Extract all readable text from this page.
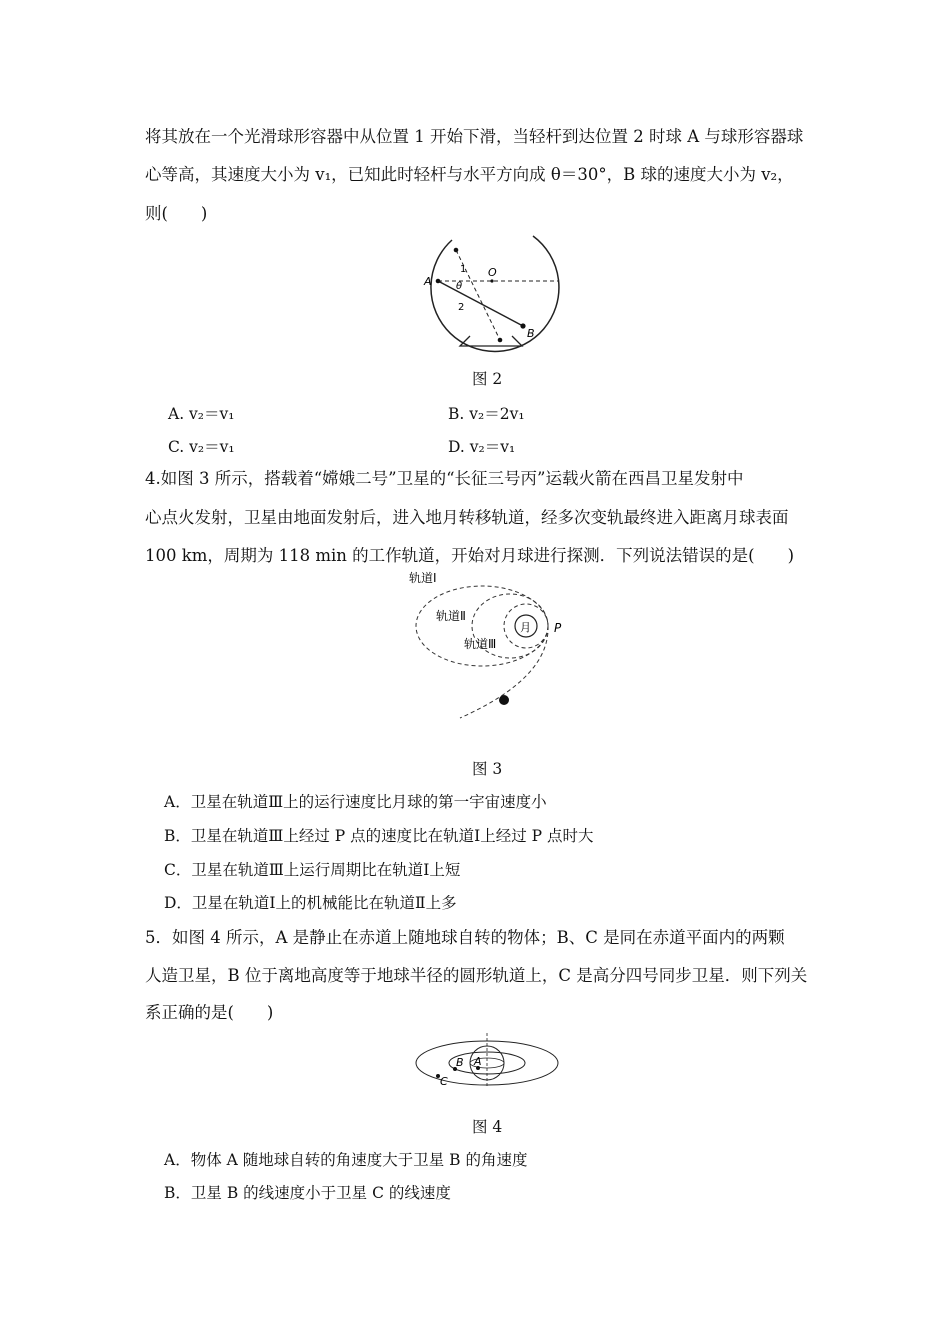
将其放在一个光滑球形容器中从位置 1 开始下滑，当轻杆到达位置 2 时球 A 与球形容器球
心等高，其速度大小为 v₁，已知此时轻杆与水平方向成 θ＝30°，B 球的速度大小为 v₂，
则(　　)
A
B
O
θ
1
2
图 2
A. v₂＝v₁	B. v₂＝2v₁
C. v₂＝v₁	D. v₂＝v₁
4.如图 3 所示，搭载着“嫦娥二号”卫星的“长征三号丙”运载火箭在西昌卫星发射中
心点火发射，卫星由地面发射后，进入地月转移轨道，经多次变轨最终进入距离月球表面
100 km，周期为 118 min 的工作轨道，开始对月球进行探测．下列说法错误的是(　　)
轨道Ⅰ
轨道Ⅱ
轨道Ⅲ
月 P
图 3
A．卫星在轨道Ⅲ上的运行速度比月球的第一宇宙速度小
B．卫星在轨道Ⅲ上经过 P 点的速度比在轨道Ⅰ上经过 P 点时大
C．卫星在轨道Ⅲ上运行周期比在轨道Ⅰ上短
D．卫星在轨道Ⅰ上的机械能比在轨道Ⅱ上多
5．如图 4 所示，A 是静止在赤道上随地球自转的物体；B、C 是同在赤道平面内的两颗
人造卫星，B 位于离地高度等于地球半径的圆形轨道上，C 是高分四号同步卫星．则下列关
系正确的是(　　)
A
B
C
图 4
A．物体 A 随地球自转的角速度大于卫星 B 的角速度
B．卫星 B 的线速度小于卫星 C 的线速度
